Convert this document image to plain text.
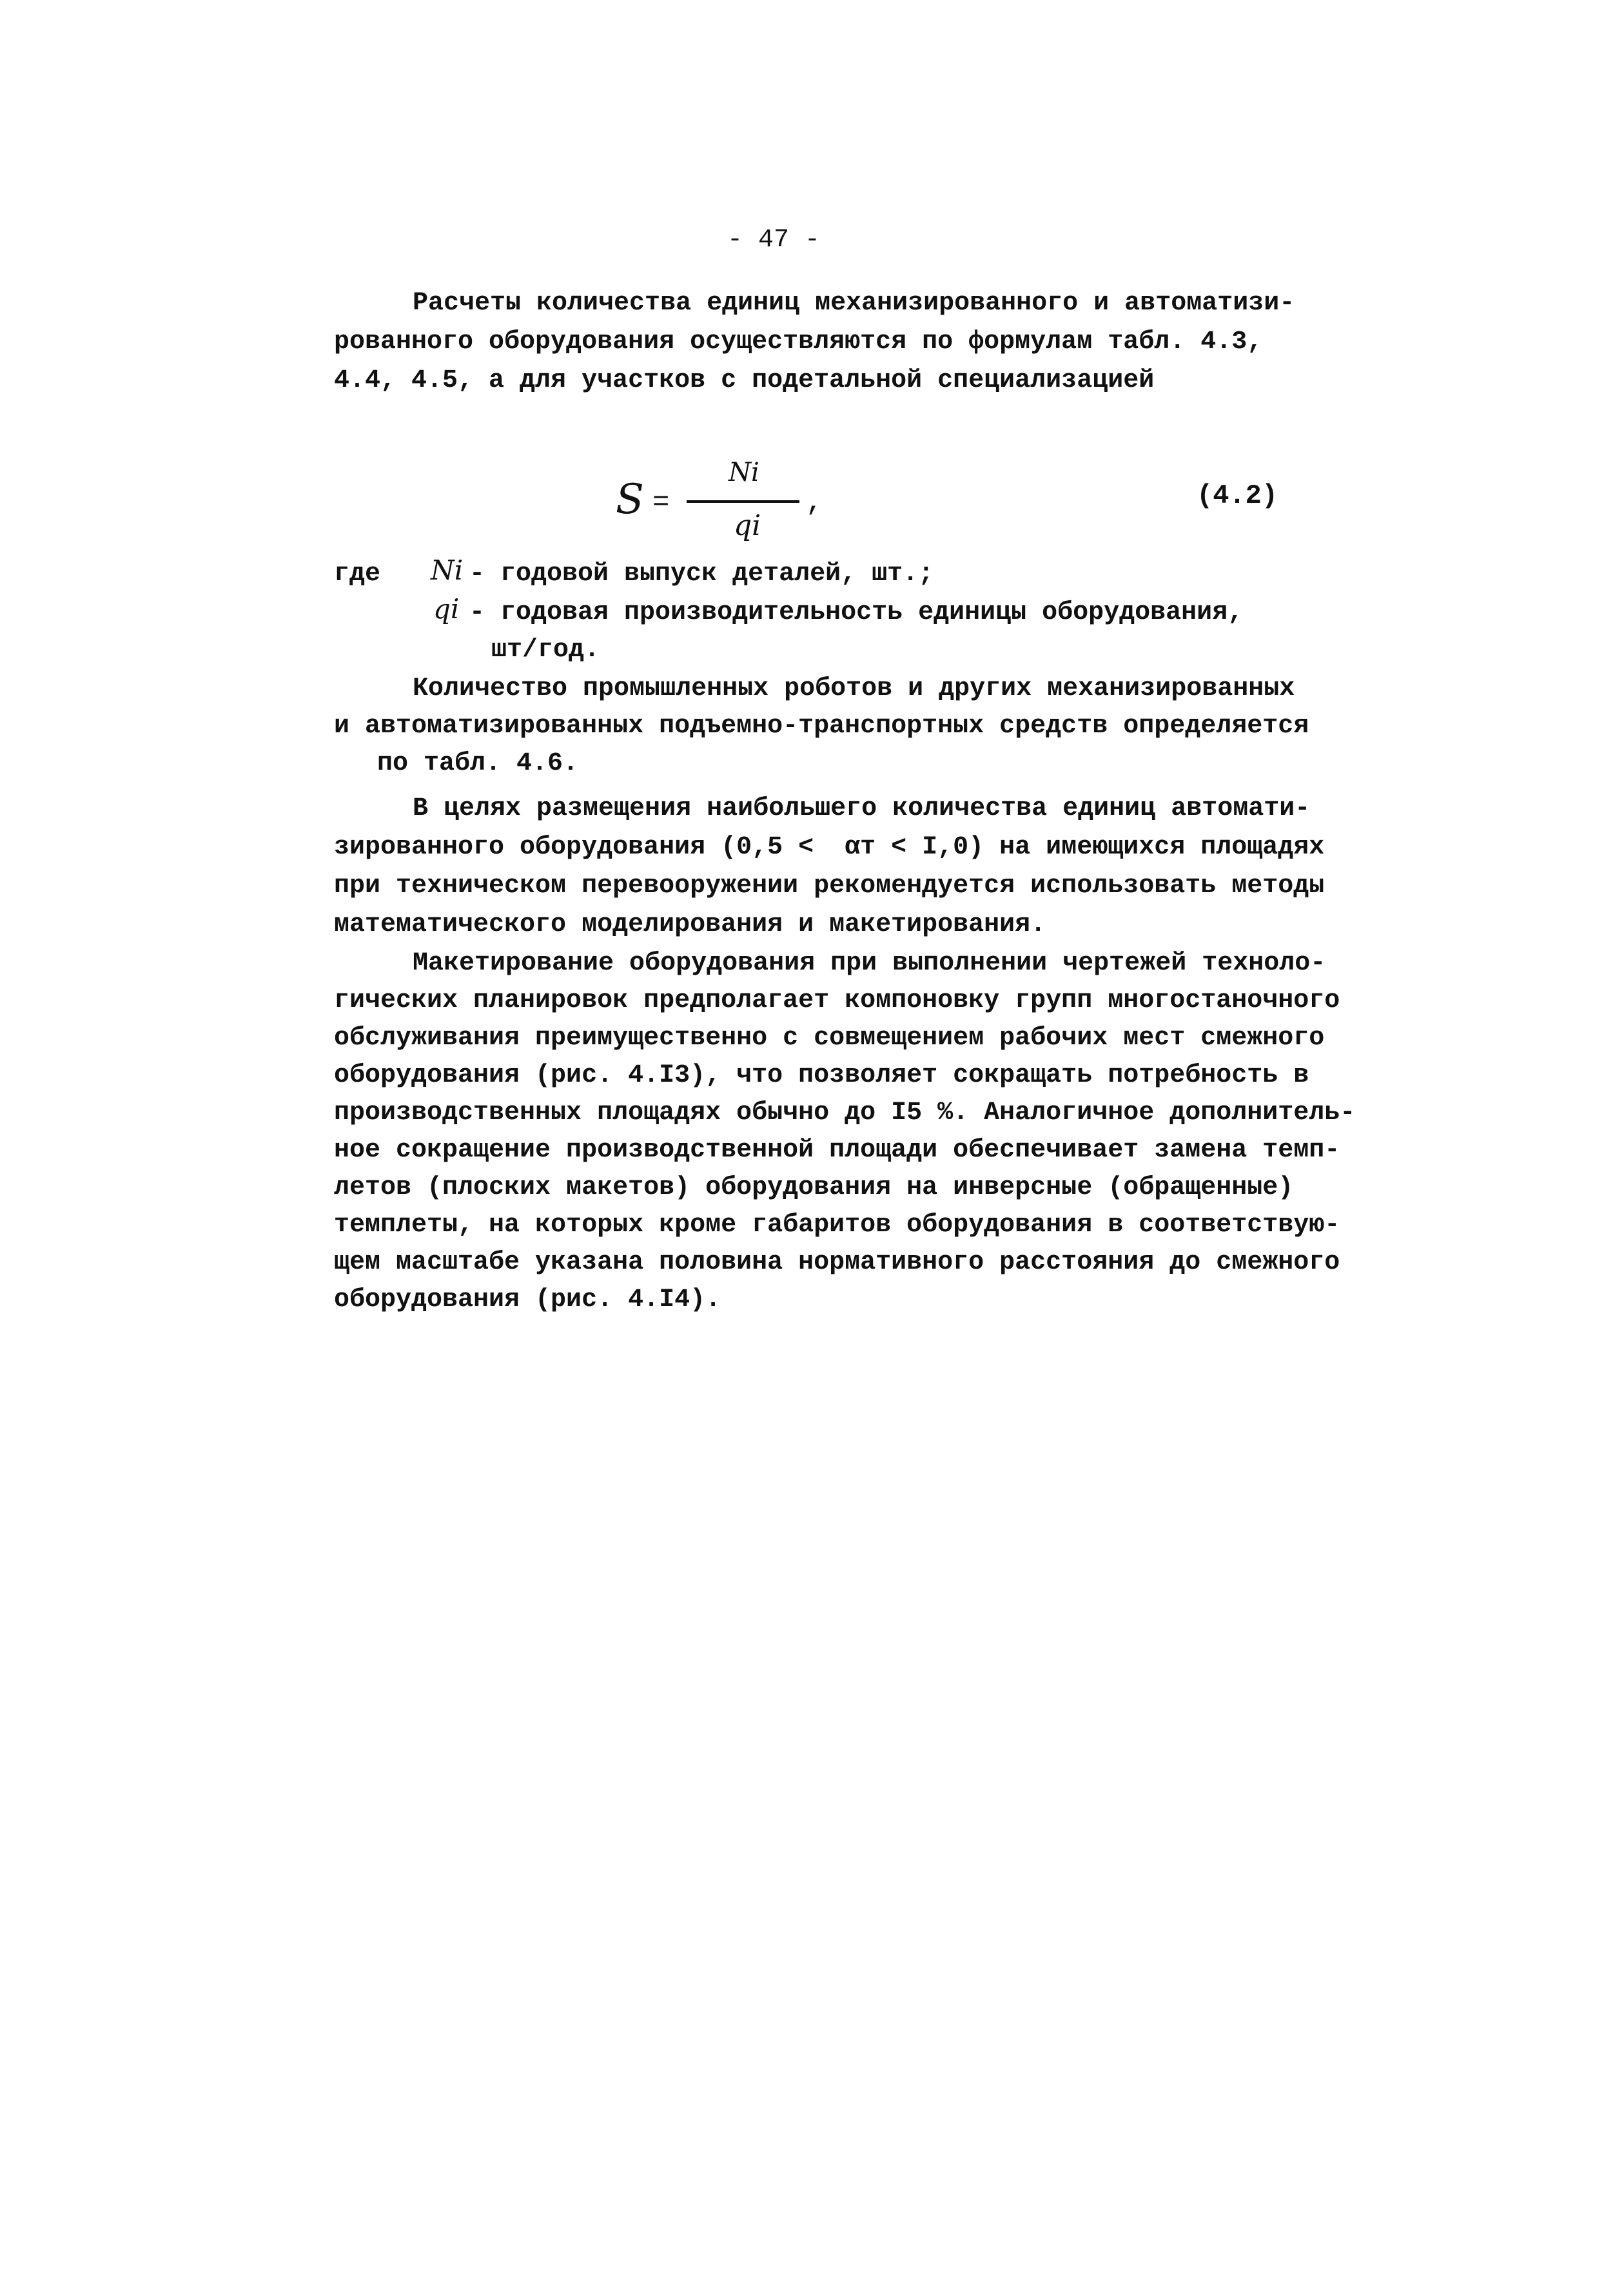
- 47 -
Расчеты количества единиц механизированного и автоматизи-
рованного оборудования осуществляются по формулам табл. 4.3,
4.4, 4.5, а для участков с подетальной специализацией
S =
Ni
qi
,	(4.2)
где Ni - годовой выпуск деталей, шт.;
qi - годовая производительность единицы оборудования,
шт/год.
Количество промышленных роботов и других механизированных
и автоматизированных подъемно-транспортных средств определяется
по табл. 4.6.
В целях размещения наибольшего количества единиц автомати-
зированного оборудования (0,5 <  αт < I,0) на имеющихся площадях
при техническом перевооружении рекомендуется использовать методы
математического моделирования и макетирования.
Макетирование оборудования при выполнении чертежей техноло-
гических планировок предполагает компоновку групп многостаночного
обслуживания преимущественно с совмещением рабочих мест смежного
оборудования (рис. 4.I3), что позволяет сокращать потребность в
производственных площадях обычно до I5 %. Аналогичное дополнитель-
ное сокращение производственной площади обеспечивает замена темп-
летов (плоских макетов) оборудования на инверсные (обращенные)
темплеты, на которых кроме габаритов оборудования в соответствую-
щем масштабе указана половина нормативного расстояния до смежного
оборудования (рис. 4.I4).
